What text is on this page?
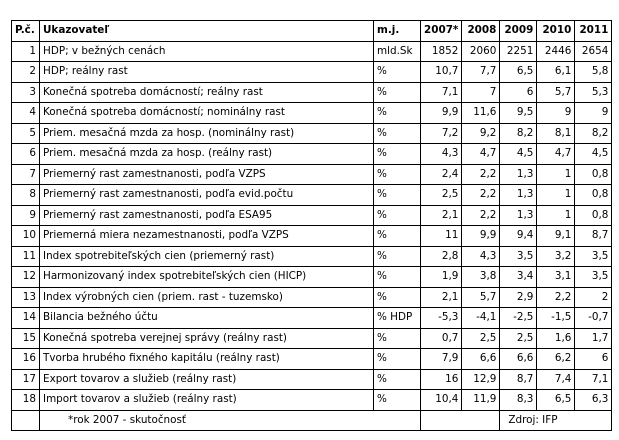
P.č.	Ukazovateľ	m.j.	2007*	2008	2009	2010	2011
1	HDP; v bežných cenách	mld.Sk	1852	2060	2251	2446	2654
2	HDP; reálny rast	%	10,7	7,7	6,5	6,1	5,8
3	Konečná spotreba domácností; reálny rast	%	7,1	7	6	5,7	5,3
4	Konečná spotreba domácností; nominálny rast	%	9,9	11,6	9,5	9	9
5	Priem. mesačná mzda za hosp. (nominálny rast)	%	7,2	9,2	8,2	8,1	8,2
6	Priem. mesačná mzda za hosp. (reálny rast)	%	4,3	4,7	4,5	4,7	4,5
7	Priemerný rast zamestnanosti, podľa VZPS	%	2,4	2,2	1,3	1	0,8
8	Priemerný rast zamestnanosti, podľa evid.počtu	%	2,5	2,2	1,3	1	0,8
9	Priemerný rast zamestnanosti, podľa ESA95	%	2,1	2,2	1,3	1	0,8
10	Priemerná miera nezamestnanosti, podľa VZPS	%	11	9,9	9,4	9,1	8,7
11	Index spotrebiteľských cien (priemerný rast)	%	2,8	4,3	3,5	3,2	3,5
12	Harmonizovaný index spotrebiteľských cien (HICP)	%	1,9	3,8	3,4	3,1	3,5
13	Index výrobných cien (priem. rast - tuzemsko)	%	2,1	5,7	2,9	2,2	2
14	Bilancia bežného účtu	% HDP	-5,3	-4,1	-2,5	-1,5	-0,7
15	Konečná spotreba verejnej správy (reálny rast)	%	0,7	2,5	2,5	1,6	1,7
16	Tvorba hrubého fixného kapitálu (reálny rast)	%	7,9	6,6	6,6	6,2	6
17	Export tovarov a služieb (reálny rast)	%	16	12,9	8,7	7,4	7,1
18	Import tovarov a služieb (reálny rast)	%	10,4	11,9	8,3	6,5	6,3
	*rok 2007 - skutočnosť				Zdroj: IFP		
